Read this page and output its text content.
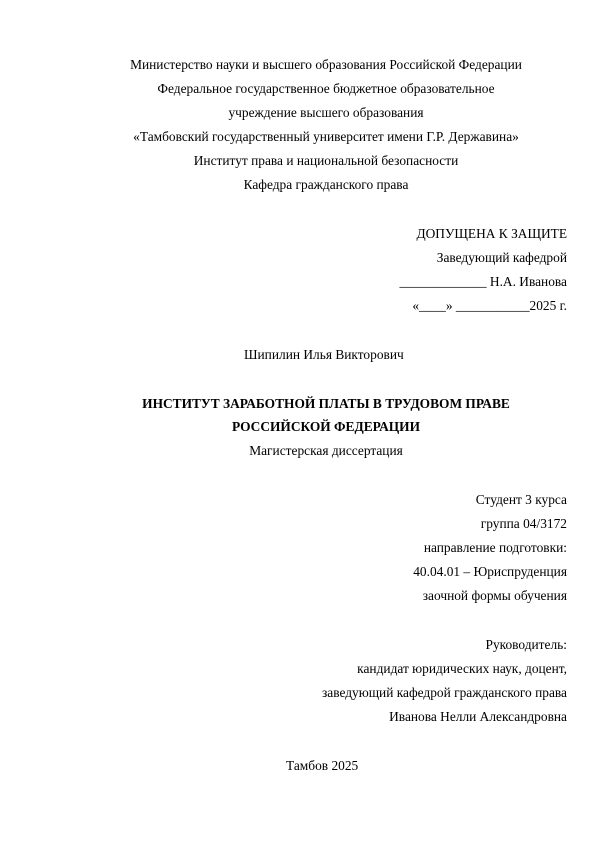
Министерство науки и высшего образования Российской Федерации
Федеральное государственное бюджетное образовательное
учреждение высшего образования
«Тамбовский государственный университет имени Г.Р. Державина»
Институт права и национальной безопасности
Кафедра гражданского права
ДОПУЩЕНА К ЗАЩИТЕ
Заведующий кафедрой
_____________ Н.А. Иванова
«____» ___________2025 г.
Шипилин Илья Викторович
ИНСТИТУТ ЗАРАБОТНОЙ ПЛАТЫ В ТРУДОВОМ ПРАВЕ
РОССИЙСКОЙ ФЕДЕРАЦИИ
Магистерская диссертация
Студент 3 курса
группа 04/3172
направление подготовки:
40.04.01 – Юриспруденция
заочной формы обучения
Руководитель:
кандидат юридических наук, доцент,
заведующий кафедрой гражданского права
Иванова Нелли Александровна
Тамбов 2025
